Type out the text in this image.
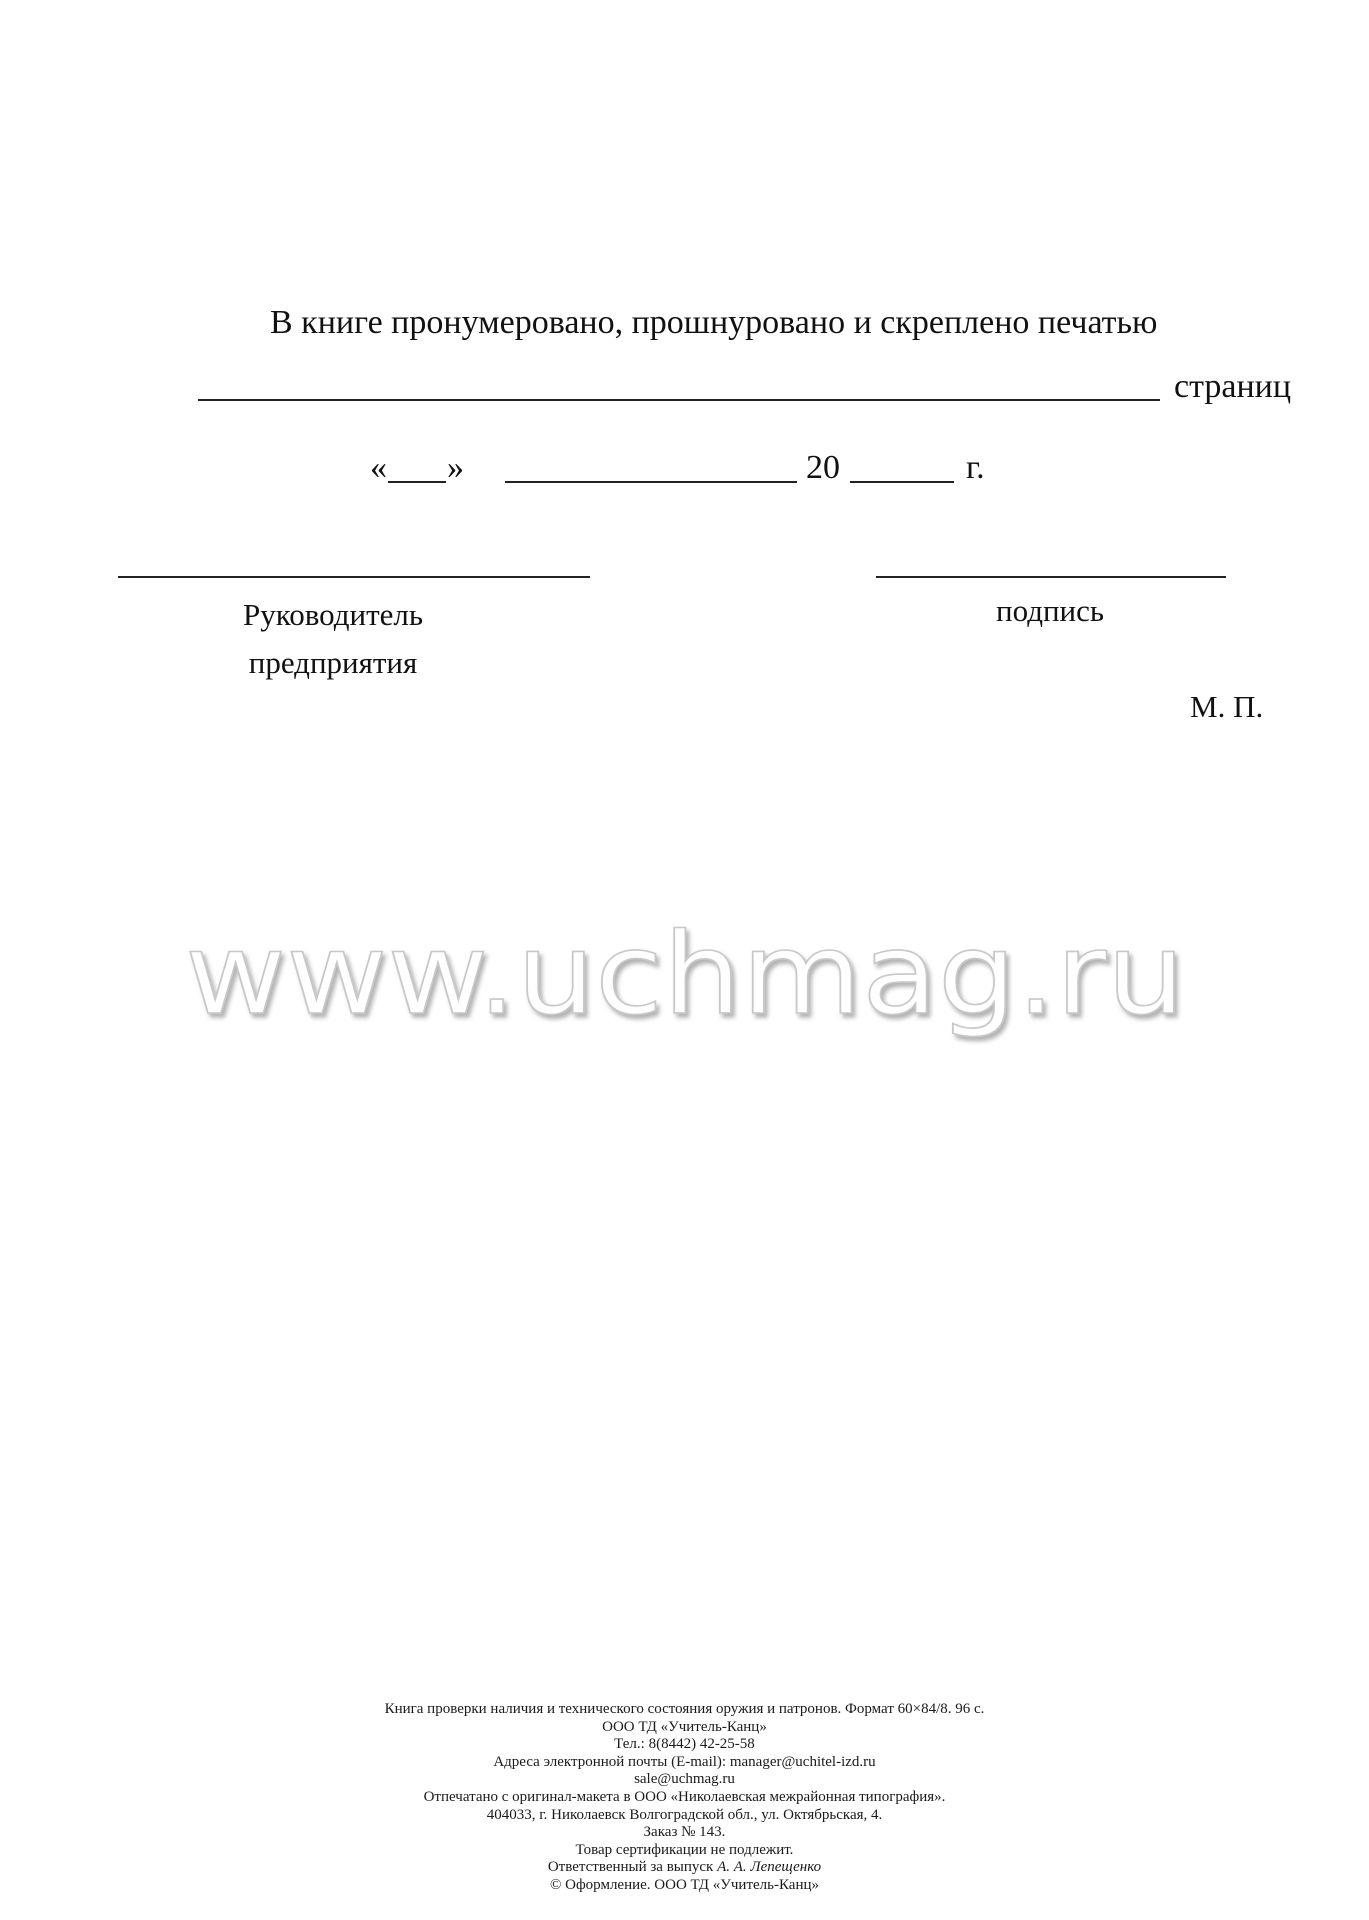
В книге пронумеровано, прошнуровано и скреплено печатью
страниц
« »	20	г.
Руководитель
предприятия
подпись
М. П.
www.uchmag.ru
Книга проверки наличия и технического состояния оружия и патронов. Формат 60×84/8. 96 с.
ООО ТД «Учитель-Канц»
Тел.: 8(8442) 42-25-58
Адреса электронной почты (E-mail): manager@uchitel-izd.ru
sale@uchmag.ru
Отпечатано с оригинал-макета в ООО «Николаевская межрайонная типография».
404033, г. Николаевск Волгоградской обл., ул. Октябрьская, 4.
Заказ № 143.
Товар сертификации не подлежит.
Ответственный за выпуск А. А. Лепещенко
© Оформление. ООО ТД «Учитель-Канц»
